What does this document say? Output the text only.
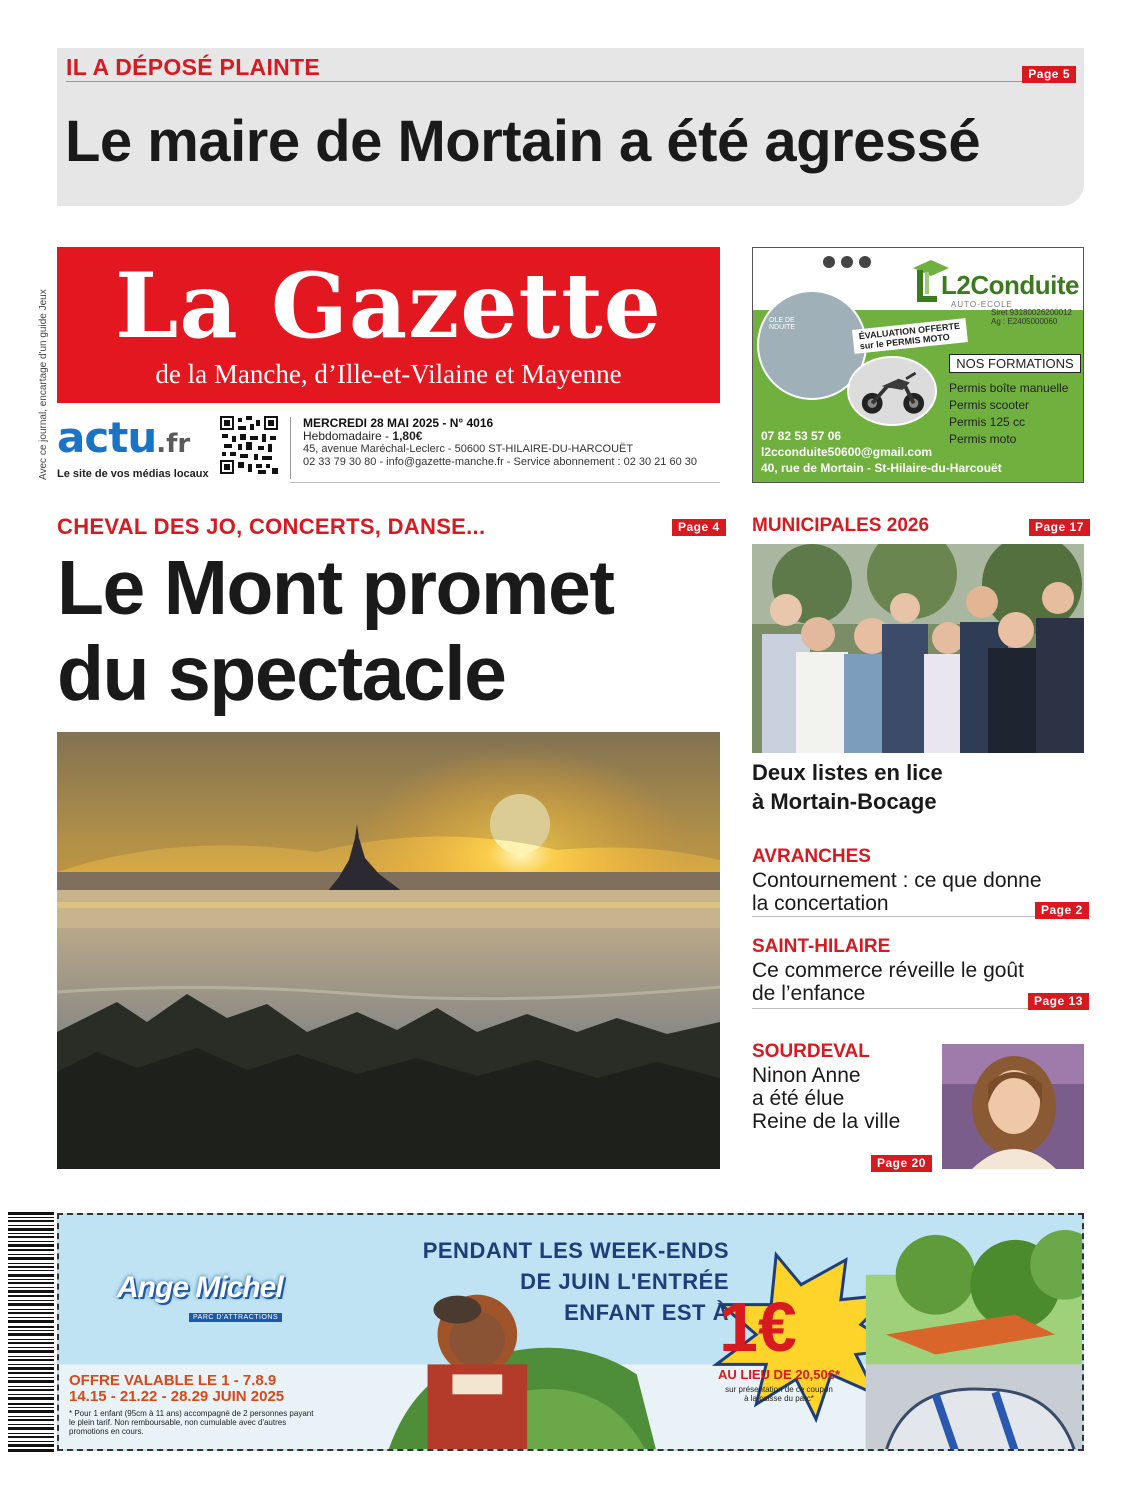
IL A DÉPOSÉ PLAINTE	Page 5
Le maire de Mortain a été agressé
Avec ce journal, encartage d'un guide Jeux La Gazette
de la Manche, d’Ille-et-Vilaine et Mayenne
actu.fr
Le site de vos médias locaux
MERCREDI 28 MAI 2025 - N° 4016
Hebdomadaire - 1,80€
45, avenue Maréchal-Leclerc - 50600 ST-HILAIRE-DU-HARCOUËT
02 33 79 30 80 - info@gazette-manche.fr - Service abonnement : 02 30 21 60 30
L2Conduite
AUTO-ECOLE
Siret 93180026200012
Ag : E2405000060
OLE DE
NDUITE	ÉVALUATION OFFERTE
sur le PERMIS MOTO
NOS FORMATIONS
Permis boîte manuelle
Permis scooter
Permis 125 cc
Permis moto
07 82 53 57 06
l2cconduite50600@gmail.com
40, rue de Mortain - St-Hilaire-du-Harcouët
CHEVAL DES JO, CONCERTS, DANSE...	Page 4
Le Mont promet
du spectacle
MUNICIPALES 2026	Page 17
Deux listes en lice
à Mortain-Bocage
AVRANCHES
Contournement : ce que donne
la concertation	Page 2
SAINT-HILAIRE
Ce commerce réveille le goût
de l’enfance	Page 13
SOURDEVAL
Ninon Anne
a été élue
Reine de la ville
Page 20
Ange Michel
PARC D'ATTRACTIONS
PENDANT LES WEEK-ENDS
DE JUIN L'ENTRÉE
ENFANT EST À
1€
AU LIEU DE 20,50€*
sur présentation de ce coupon
à la caisse du parc*
OFFRE VALABLE LE 1 - 7.8.9
14.15 - 21.22 - 28.29 JUIN 2025
* Pour 1 enfant (95cm à 11 ans) accompagné de 2 personnes payant le plein tarif. Non remboursable, non cumulable avec d'autres promotions en cours.
